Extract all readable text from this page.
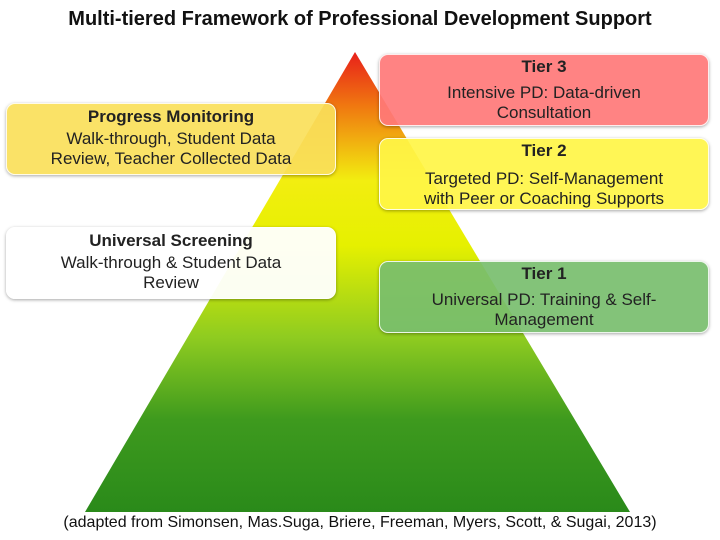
Multi-tiered Framework of Professional Development Support
Progress Monitoring
Walk-through, Student Data
Review, Teacher Collected Data
Universal Screening
Walk-through & Student Data
Review
Tier 3
Intensive PD: Data-driven
Consultation
Tier 2
Targeted PD: Self-Management
with Peer or Coaching Supports
Tier 1
Universal PD: Training & Self-
Management
(adapted from Simonsen, Mas.Suga, Briere, Freeman, Myers, Scott, & Sugai, 2013)
